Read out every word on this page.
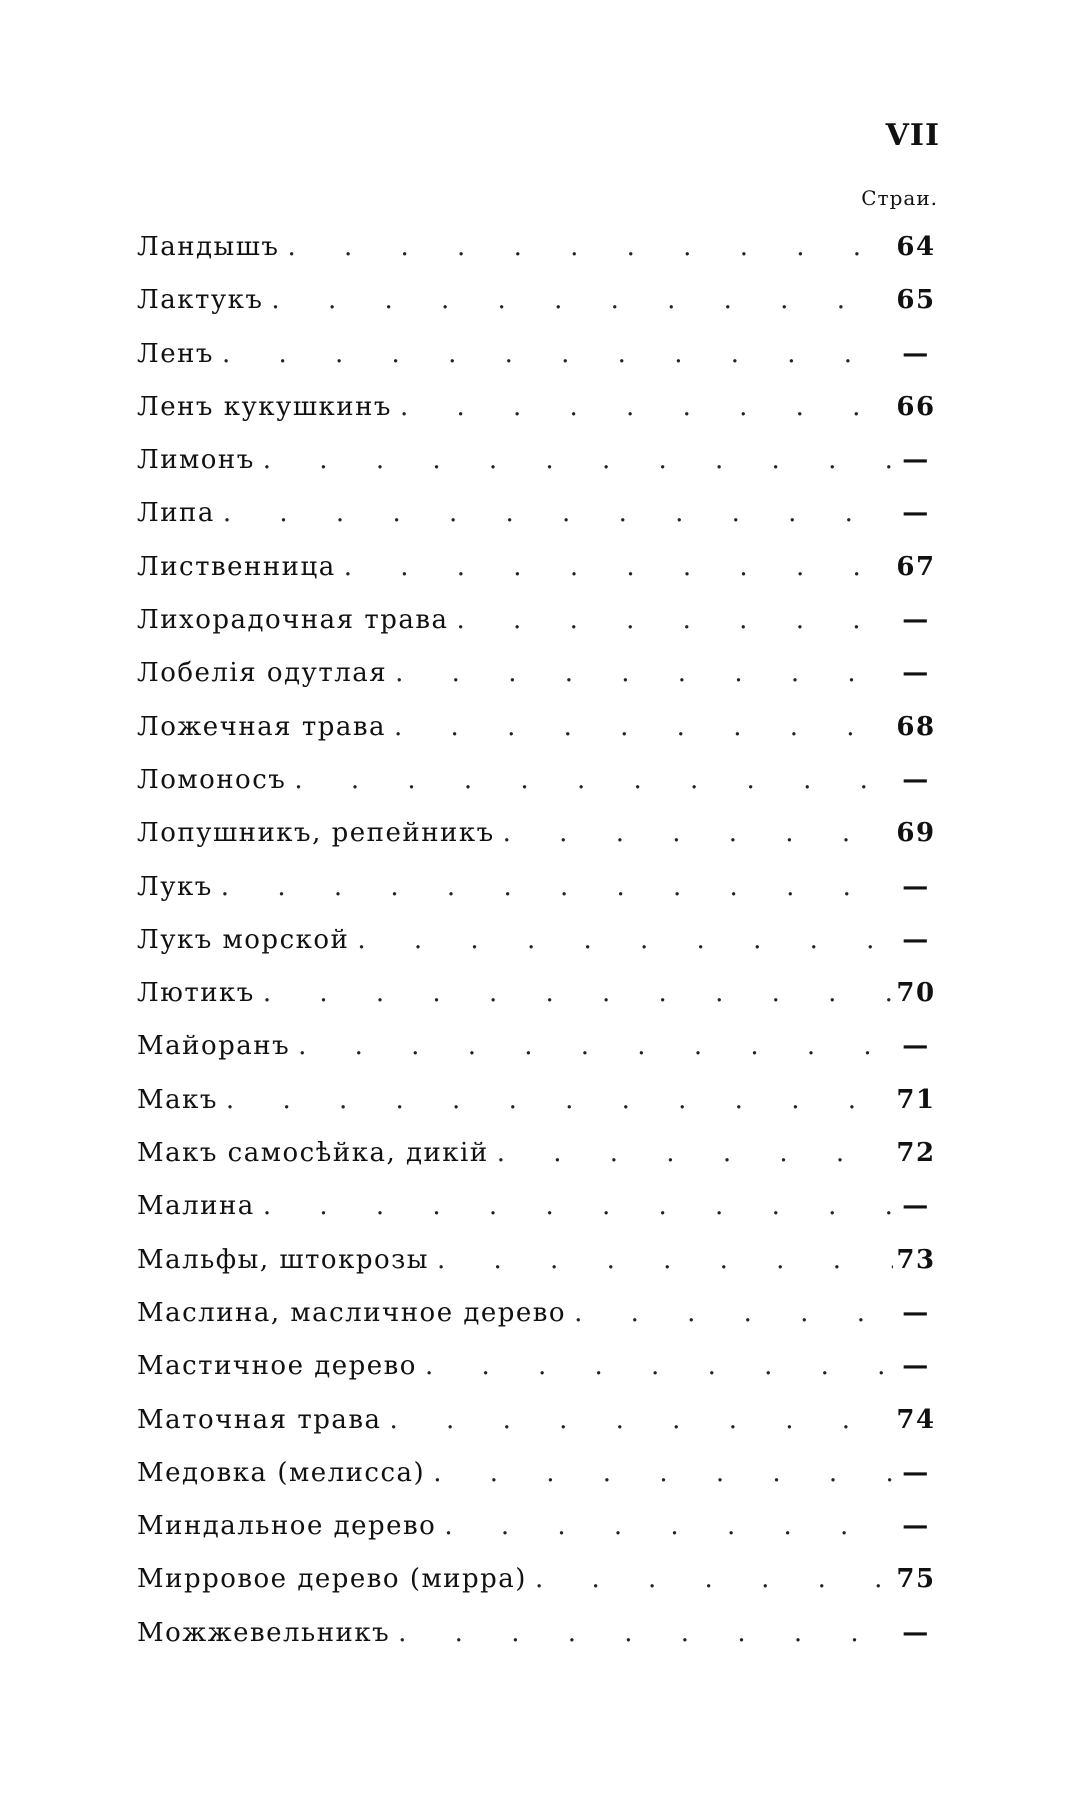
VII
Страи.
Ландышъ . . .	64
Лактукъ . . .	65
Ленъ . . .	—
Ленъ кукушкинъ . . .	66
Лимонъ . . .	—
Липа . . .	—
Лиственница . . .	67
Лихорадочная трава . . .	—
Лобелія одутлая . . .	—
Ложечная трава . . .	68
Ломоносъ . . .	—
Лопушникъ, репейникъ . . .	69
Лукъ . . .	—
Лукъ морской . . .	—
Лютикъ . . .	70
Майоранъ . . .	—
Макъ . . .	71
Макъ самосѣйка, дикій . . .	72
Малина . . .	—
Мальфы, штокрозы . . .	73
Маслина, масличное дерево . . .	—
Мастичное дерево . . .	—
Маточная трава . . .	74
Медовка (мелисса) . . .	—
Миндальное дерево . . .	—
Мирровое дерево (мирра) . . .	75
Можжевельникъ . . .	—
